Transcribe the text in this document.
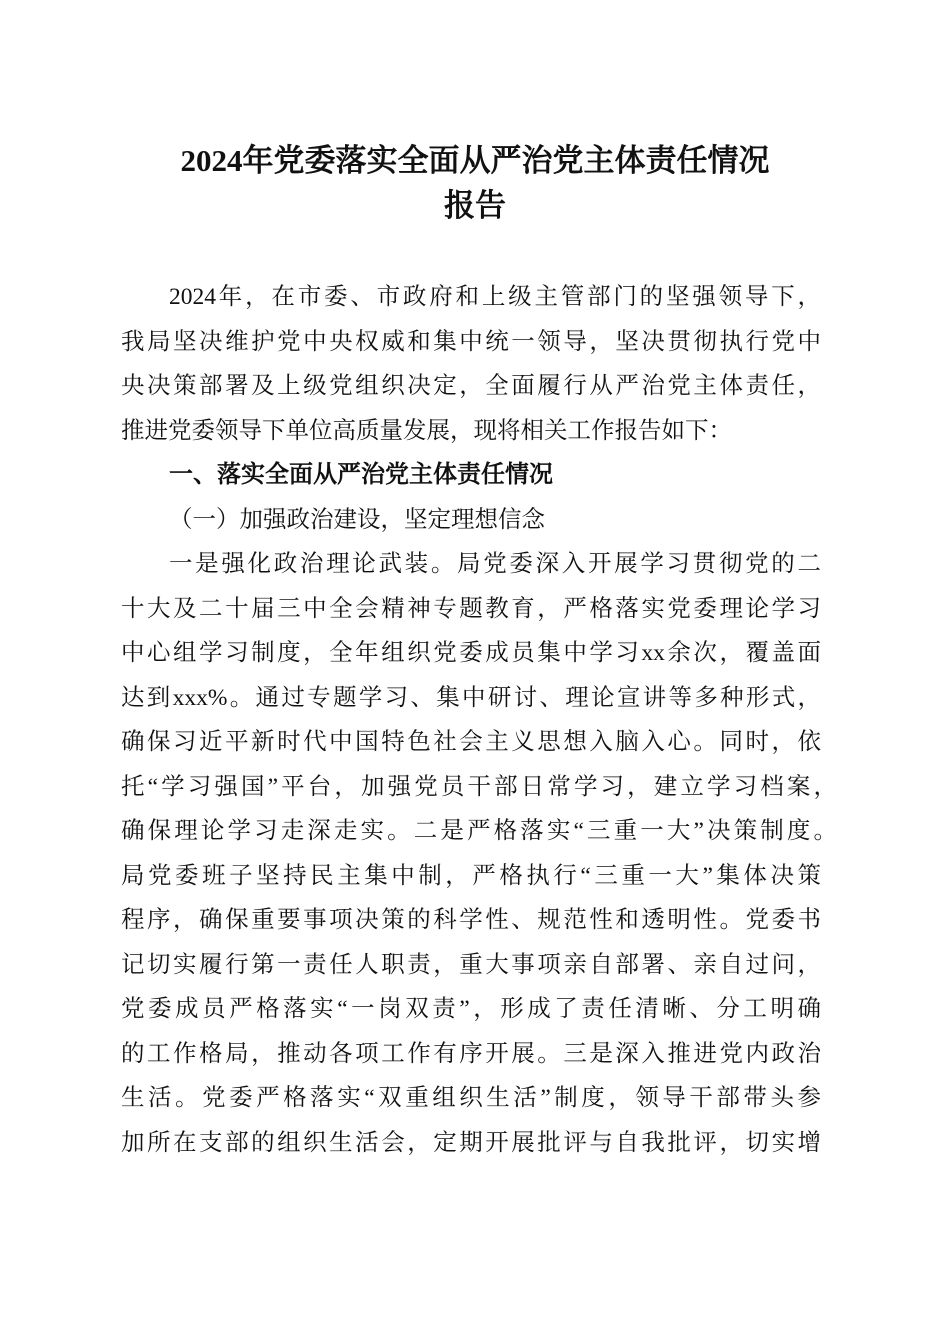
2024年党委落实全面从严治党主体责任情况
报告
2024年，在市委、市政府和上级主管部门的坚强领导下，
我局坚决维护党中央权威和集中统一领导，坚决贯彻执行党中
央决策部署及上级党组织决定，全面履行从严治党主体责任，
推进党委领导下单位高质量发展，现将相关工作报告如下：
一、落实全面从严治党主体责任情况
（一）加强政治建设，坚定理想信念
一是强化政治理论武装。局党委深入开展学习贯彻党的二
十大及二十届三中全会精神专题教育，严格落实党委理论学习
中心组学习制度，全年组织党委成员集中学习xx余次，覆盖面
达到xxx%。通过专题学习、集中研讨、理论宣讲等多种形式，
确保习近平新时代中国特色社会主义思想入脑入心。同时，依
托“学习强国”平台，加强党员干部日常学习，建立学习档案，
确保理论学习走深走实。二是严格落实“三重一大”决策制度。
局党委班子坚持民主集中制，严格执行“三重一大”集体决策
程序，确保重要事项决策的科学性、规范性和透明性。党委书
记切实履行第一责任人职责，重大事项亲自部署、亲自过问，
党委成员严格落实“一岗双责”，形成了责任清晰、分工明确
的工作格局，推动各项工作有序开展。三是深入推进党内政治
生活。党委严格落实“双重组织生活”制度，领导干部带头参
加所在支部的组织生活会，定期开展批评与自我批评，切实增
